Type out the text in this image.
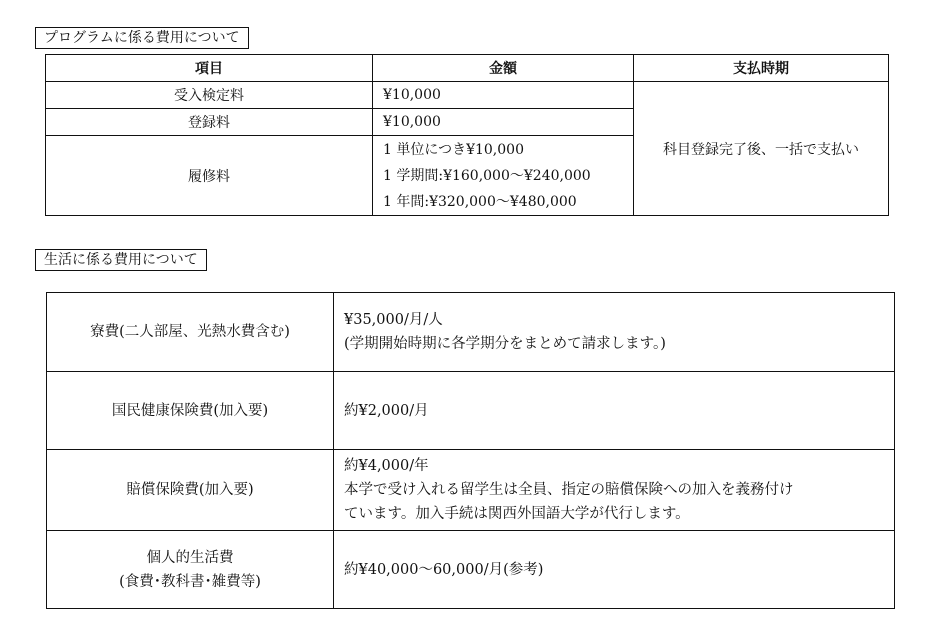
プログラムに係る費用について
項目	金額	支払時期
受入検定料	¥10,000	科目登録完了後、一括で支払い
登録料	¥10,000	

履修料	1 単位につき¥10,000
1 学期間:¥160,000〜¥240,000
1 年間:¥320,000〜¥480,000	
生活に係る費用について
寮費(二人部屋、光熱水費含む)	¥35,000/月/人
(学期開始時期に各学期分をまとめて請求します。)

国民健康保険費(加入要)	約¥2,000/月

賠償保険費(加入要)	約¥4,000/年
本学で受け入れる留学生は全員、指定の賠償保険への加入を義務付け
ています。加入手続は関西外国語大学が代行します。

個人的生活費
(食費･教科書･雑費等)	約¥40,000〜60,000/月(参考)
